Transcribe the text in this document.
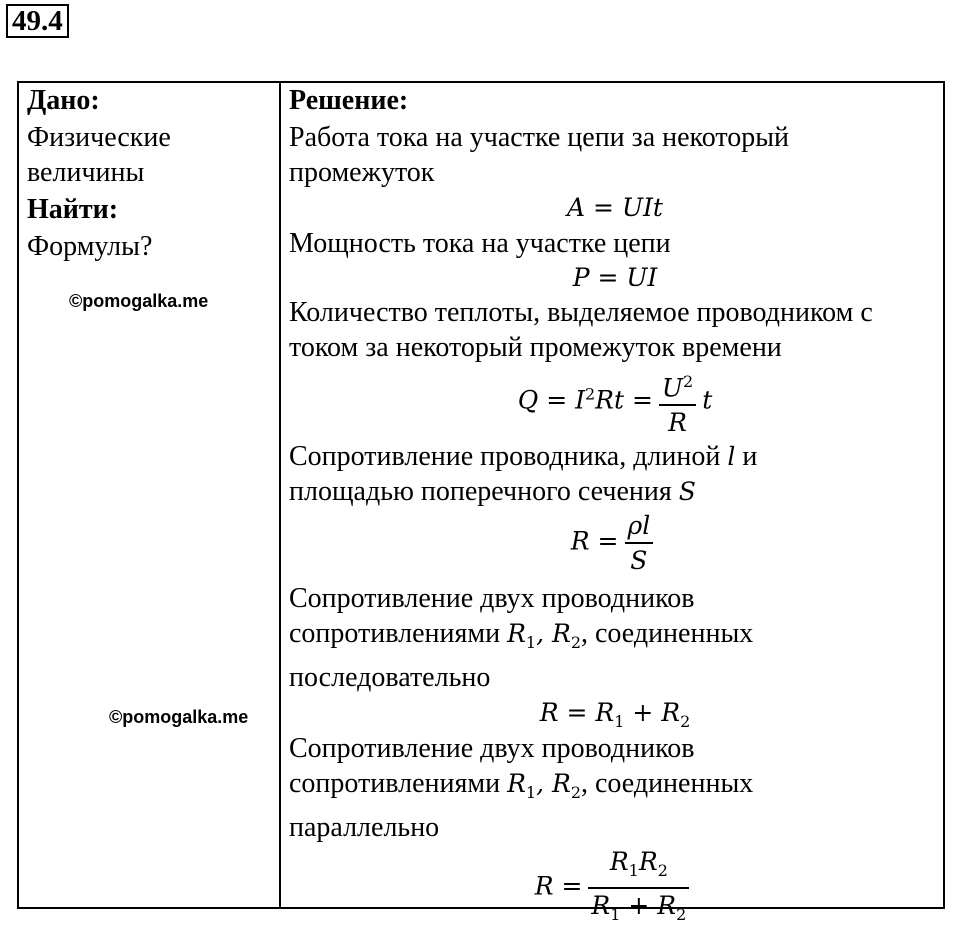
49.4
Дано:
Физические
величины
Найти:
Формулы?
©pomogalka.me
©pomogalka.me
Решение:
Работа тока на участке цепи за некоторый
промежуток
A = UIt
Мощность тока на участке цепи
P = UI
Количество теплоты, выделяемое проводником с
током за некоторый промежуток времени
$Q = I^2Rt = \frac{U^2}{R}$ t
Сопротивление проводника, длиной l и
площадью поперечного сечения S
$R = \frac{\rho l}{S}$
Сопротивление двух проводников
сопротивлениями $R_1$, $R_2$, соединенных
последовательно
$R = R_1 + R_2$
Сопротивление двух проводников
сопротивлениями $R_1$, $R_2$, соединенных
параллельно
$R = \frac{R_1R_2}{R_1 + R_2}$
